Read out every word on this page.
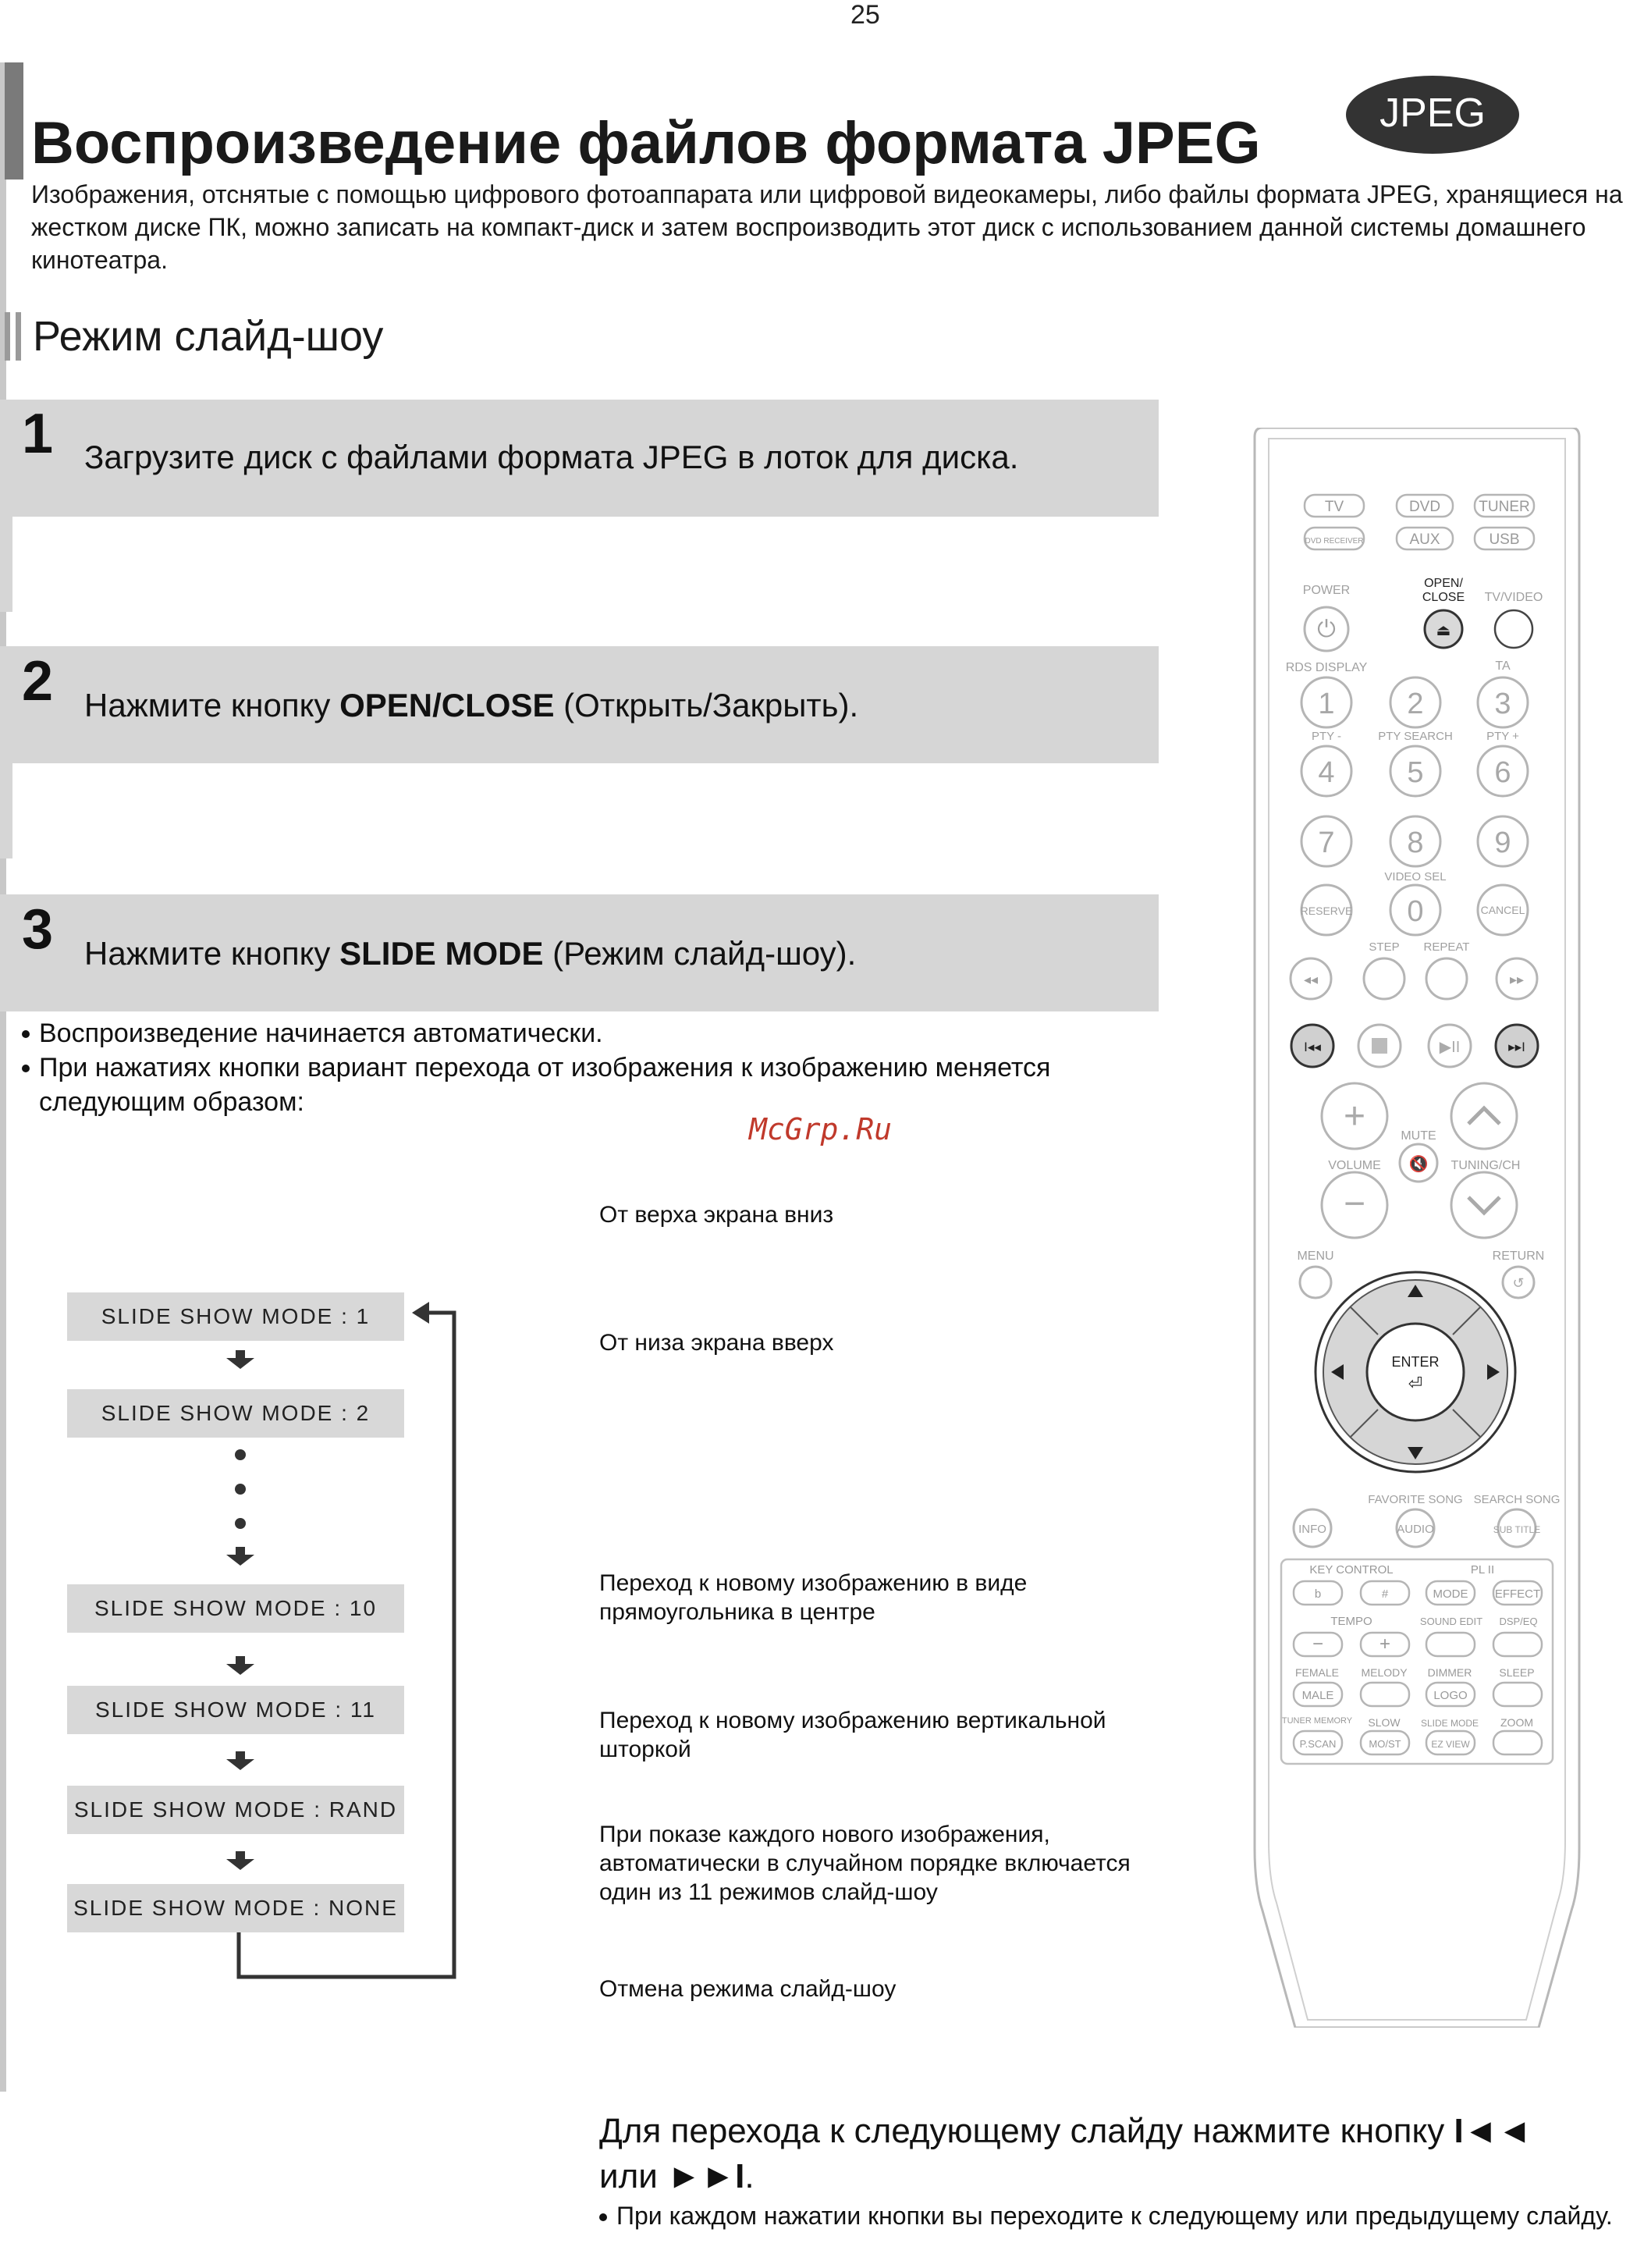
25
Воспроизведение файлов формата JPEG	JPEG
Изображения, отснятые с помощью цифрового фотоаппарата или цифровой видеокамеры, либо файлы формата JPEG, хранящиеся на жестком диске ПК, можно записать на компакт-диск и затем воспроизводить этот диск с использованием данной системы домашнего кинотеатра.
Режим слайд-шоу
1 Загрузите диск с файлами формата JPEG в лоток для диска.
2 Нажмите кнопку OPEN/CLOSE (Открыть/Закрыть).
3 Нажмите кнопку SLIDE MODE (Режим слайд-шоу).
Воспроизведение начинается автоматически.
При нажатиях кнопки вариант перехода от изображения к изображению меняется следующим образом:
McGrp.Ru
SLIDE SHOW MODE : 1
SLIDE SHOW MODE : 2
SLIDE SHOW MODE : 10
SLIDE SHOW MODE : 11
SLIDE SHOW MODE : RAND
SLIDE SHOW MODE : NONE
От верха экрана вниз
От низа экрана вверх
Переход к новому изображению в виде прямоугольника в центре
Переход к новому изображению вертикальной шторкой
При показе каждого нового изображения, автоматически в случайном порядке включается один из 11 режимов слайд-шоу
Отмена режима слайд-шоу
Для перехода к следующему слайду нажмите кнопку I◄◄
или ►►I.
При каждом нажатии кнопки вы переходите к следующему или предыдущему слайду.
TV	DVD	TUNER
DVD RECEIVER	AUX	USB
POWER
OPEN/
CLOSE TV/VIDEO
⏻	⏏
RDS DISPLAY	TA
1 2 3
4 5 6
7 8 9
0
PTY -	PTY SEARCH	PTY +
VIDEO SEL
RESERVE	CANCEL
STEP REPEAT
◂◂	▸▸
I◂◂	▶II	▸▸I
+
−
🔇
MUTE
VOLUME	TUNING/CH
MENU	RETURN
↺
ENTER
⏎
FAVORITE SONG SEARCH SONG
INFO	AUDIO	SUB TITLE
KEY CONTROL	PL II
TEMPO	SOUND EDIT DSP/EQ
FEMALE MELODY DIMMER	SLEEP
TUNER MEMORY SLOW SLIDE MODE ZOOM
b	#	MODE EFFECT
−	+
MALE	LOGO
P.SCAN	MO/ST	EZ VIEW
